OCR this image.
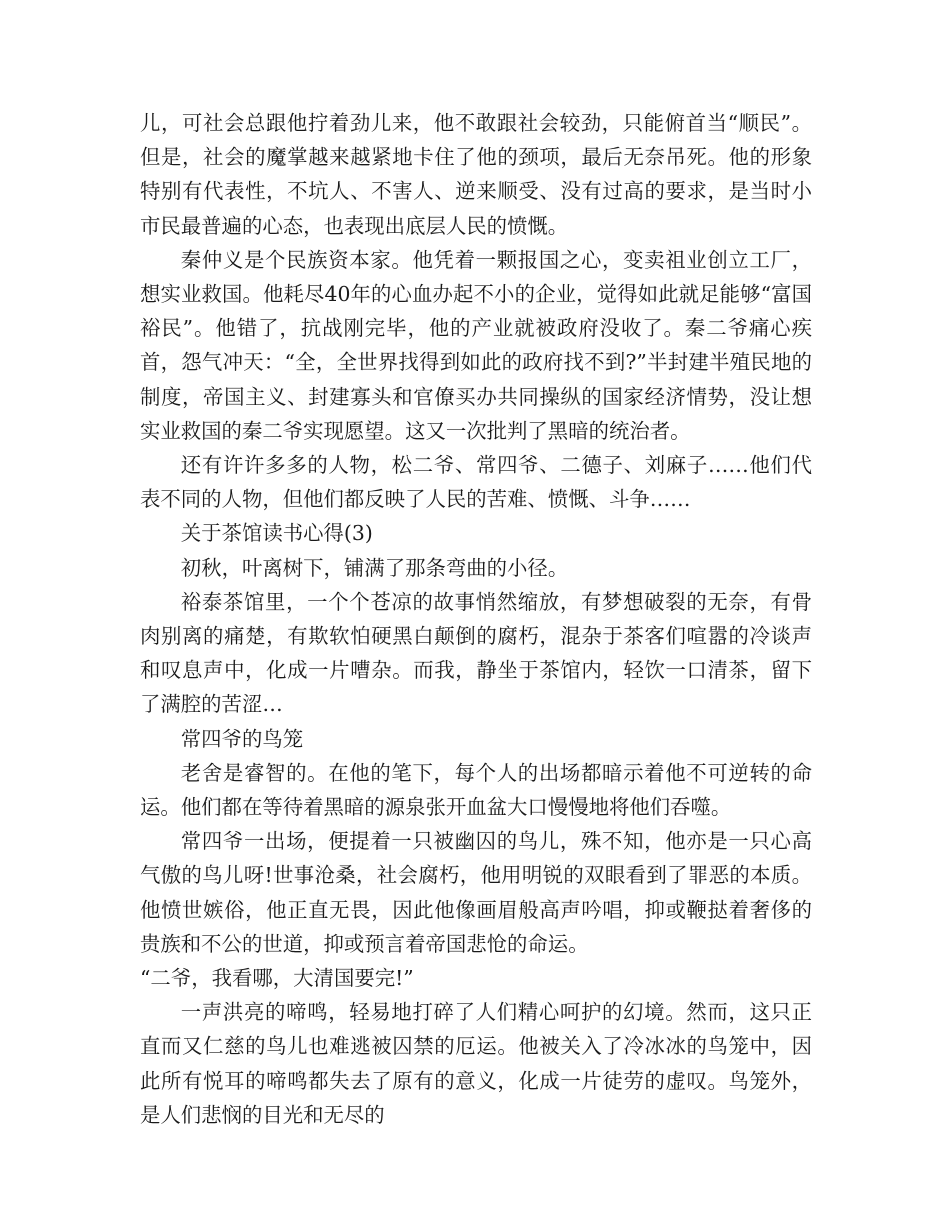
儿，可社会总跟他拧着劲儿来，他不敢跟社会较劲，只能俯首当“顺民”。但是，社会的魔掌越来越紧地卡住了他的颈项，最后无奈吊死。他的形象特别有代表性，不坑人、不害人、逆来顺受、没有过高的要求，是当时小市民最普遍的心态，也表现出底层人民的愤慨。

秦仲义是个民族资本家。他凭着一颗报国之心，变卖祖业创立工厂，想实业救国。他耗尽40年的心血办起不小的企业，觉得如此就足能够“富国裕民”。他错了，抗战刚完毕，他的产业就被政府没收了。秦二爷痛心疾首，怨气冲天：“全，全世界找得到如此的政府找不到?”半封建半殖民地的制度，帝国主义、封建寡头和官僚买办共同操纵的国家经济情势，没让想实业救国的秦二爷实现愿望。这又一次批判了黑暗的统治者。

还有许许多多的人物，松二爷、常四爷、二德子、刘麻子……他们代表不同的人物，但他们都反映了人民的苦难、愤慨、斗争……

关于茶馆读书心得(3)

初秋，叶离树下，铺满了那条弯曲的小径。

裕泰茶馆里，一个个苍凉的故事悄然缩放，有梦想破裂的无奈，有骨肉别离的痛楚，有欺软怕硬黑白颠倒的腐朽，混杂于茶客们喧嚣的冷谈声和叹息声中，化成一片嘈杂。而我，静坐于茶馆内，轻饮一口清茶，留下了满腔的苦涩…

常四爷的鸟笼

老舍是睿智的。在他的笔下，每个人的出场都暗示着他不可逆转的命运。他们都在等待着黑暗的源泉张开血盆大口慢慢地将他们吞噬。

常四爷一出场，便提着一只被幽囚的鸟儿，殊不知，他亦是一只心高气傲的鸟儿呀!世事沧桑，社会腐朽，他用明锐的双眼看到了罪恶的本质。他愤世嫉俗，他正直无畏，因此他像画眉般高声吟唱，抑或鞭挞着奢侈的贵族和不公的世道，抑或预言着帝国悲怆的命运。

“二爷，我看哪，大清国要完!”

一声洪亮的啼鸣，轻易地打碎了人们精心呵护的幻境。然而，这只正直而又仁慈的鸟儿也难逃被囚禁的厄运。他被关入了冷冰冰的鸟笼中，因此所有悦耳的啼鸣都失去了原有的意义，化成一片徒劳的虚叹。鸟笼外，是人们悲悯的目光和无尽的
